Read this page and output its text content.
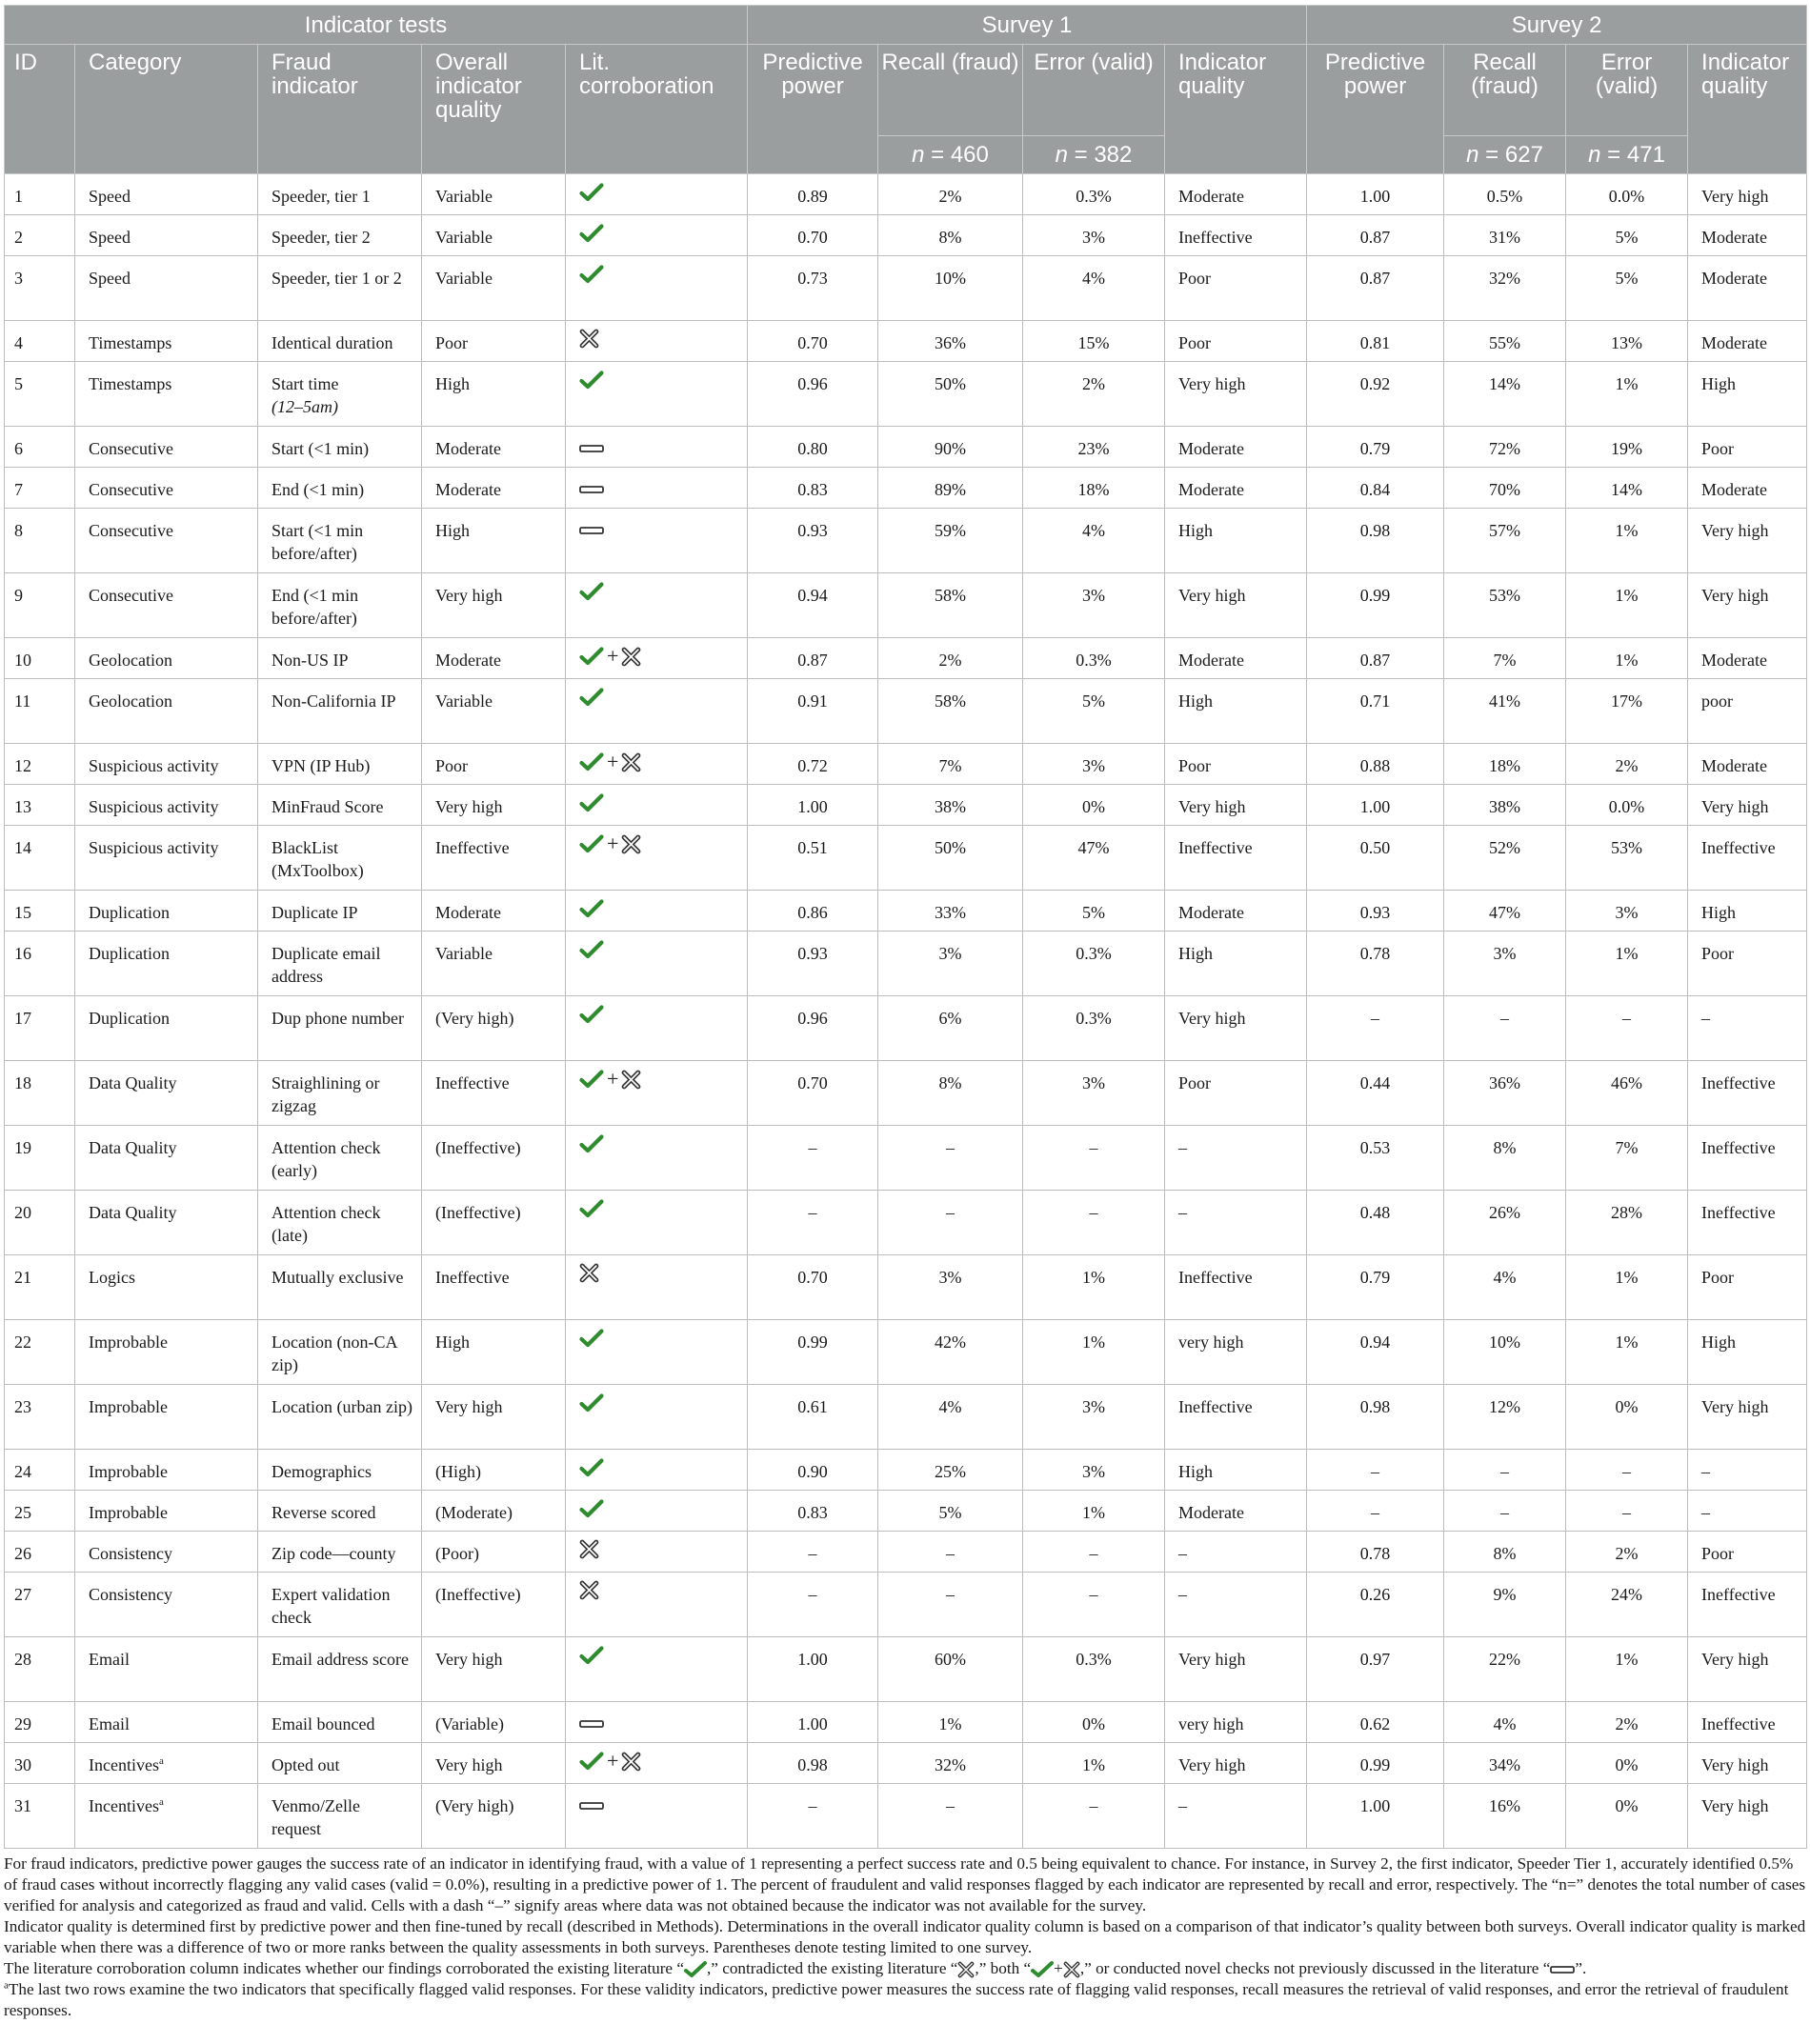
Indicator tests					Survey 1				Survey 2			
ID	Category	Fraud indicator	Overall indicator quality	Lit. corroboration	Predictive power	Recall (fraud)	Error (valid)	Indicator quality	Predictive power	Recall (fraud)	Error (valid)	Indicator quality
						n = 460	n = 382			n = 627	n = 471	
1	Speed	Speeder, tier 1	Variable		0.89	2%	0.3%	Moderate	1.00	0.5%	0.0%	Very high
2	Speed	Speeder, tier 2	Variable		0.70	8%	3%	Ineffective	0.87	31%	5%	Moderate
3	Speed	Speeder, tier 1 or 2	Variable		0.73	10%	4%	Poor	0.87	32%	5%	Moderate
4	Timestamps	Identical duration	Poor		0.70	36%	15%	Poor	0.81	55%	13%	Moderate
5	Timestamps	Start time
(12–5am)	High		0.96	50%	2%	Very high	0.92	14%	1%	High
6	Consecutive	Start (<1 min)	Moderate		0.80	90%	23%	Moderate	0.79	72%	19%	Poor
7	Consecutive	End (<1 min)	Moderate		0.83	89%	18%	Moderate	0.84	70%	14%	Moderate
8	Consecutive	Start (<1 min before/after)	High		0.93	59%	4%	High	0.98	57%	1%	Very high
9	Consecutive	End (<1 min before/after)	Very high		0.94	58%	3%	Very high	0.99	53%	1%	Very high
10	Geolocation	Non-US IP	Moderate	+	0.87	2%	0.3%	Moderate	0.87	7%	1%	Moderate
11	Geolocation	Non-California IP	Variable		0.91	58%	5%	High	0.71	41%	17%	poor
12	Suspicious activity	VPN (IP Hub)	Poor	+	0.72	7%	3%	Poor	0.88	18%	2%	Moderate
13	Suspicious activity	MinFraud Score	Very high		1.00	38%	0%	Very high	1.00	38%	0.0%	Very high
14	Suspicious activity	BlackList (MxToolbox)	Ineffective	+	0.51	50%	47%	Ineffective	0.50	52%	53%	Ineffective
15	Duplication	Duplicate IP	Moderate		0.86	33%	5%	Moderate	0.93	47%	3%	High
16	Duplication	Duplicate email address	Variable		0.93	3%	0.3%	High	0.78	3%	1%	Poor
17	Duplication	Dup phone number	(Very high)		0.96	6%	0.3%	Very high	–	–	–	–
18	Data Quality	Straighlining or zigzag	Ineffective	+	0.70	8%	3%	Poor	0.44	36%	46%	Ineffective
19	Data Quality	Attention check (early)	(Ineffective)		–	–	–	–	0.53	8%	7%	Ineffective
20	Data Quality	Attention check (late)	(Ineffective)		–	–	–	–	0.48	26%	28%	Ineffective
21	Logics	Mutually exclusive	Ineffective		0.70	3%	1%	Ineffective	0.79	4%	1%	Poor
22	Improbable	Location (non-CA zip)	High		0.99	42%	1%	very high	0.94	10%	1%	High
23	Improbable	Location (urban zip)	Very high		0.61	4%	3%	Ineffective	0.98	12%	0%	Very high
24	Improbable	Demographics	(High)		0.90	25%	3%	High	–	–	–	–
25	Improbable	Reverse scored	(Moderate)		0.83	5%	1%	Moderate	–	–	–	–
26	Consistency	Zip code—county	(Poor)		–	–	–	–	0.78	8%	2%	Poor
27	Consistency	Expert validation check	(Ineffective)		–	–	–	–	0.26	9%	24%	Ineffective
28	Email	Email address score	Very high		1.00	60%	0.3%	Very high	0.97	22%	1%	Very high
29	Email	Email bounced	(Variable)		1.00	1%	0%	very high	0.62	4%	2%	Ineffective
30	Incentives$^a$	Opted out	Very high	+	0.98	32%	1%	Very high	0.99	34%	0%	Very high
31	Incentives$^a$	Venmo/Zelle request	(Very high)		–	–	–	–	1.00	16%	0%	Very high

For fraud indicators, predictive power gauges the success rate of an indicator in identifying fraud, with a value of 1 representing a perfect success rate and 0.5 being equivalent to chance. For instance, in Survey 2, the first indicator, Speeder Tier 1, accurately identified 0.5% of fraud cases without incorrectly flagging any valid cases (valid = 0.0%), resulting in a predictive power of 1. The percent of fraudulent and valid responses flagged by each indicator are represented by recall and error, respectively. The “n=” denotes the total number of cases verified for analysis and categorized as fraud and valid. Cells with a dash “–” signify areas where data was not obtained because the indicator was not available for the survey.

Indicator quality is determined first by predictive power and then fine-tuned by recall (described in Methods). Determinations in the overall indicator quality column is based on a comparison of that indicator’s quality between both surveys. Overall indicator quality is marked variable when there was a difference of two or more ranks between the quality assessments in both surveys. Parentheses denote testing limited to one survey.

The literature corroboration column indicates whether our findings corroborated the existing literature “ ,” contradicted the existing literature “ ,” both “ + ,” or conducted novel checks not previously discussed in the literature “ ”.

$^a$The last two rows examine the two indicators that specifically flagged valid responses. For these validity indicators, predictive power measures the success rate of flagging valid responses, recall measures the retrieval of valid responses, and error the retrieval of fraudulent responses.
